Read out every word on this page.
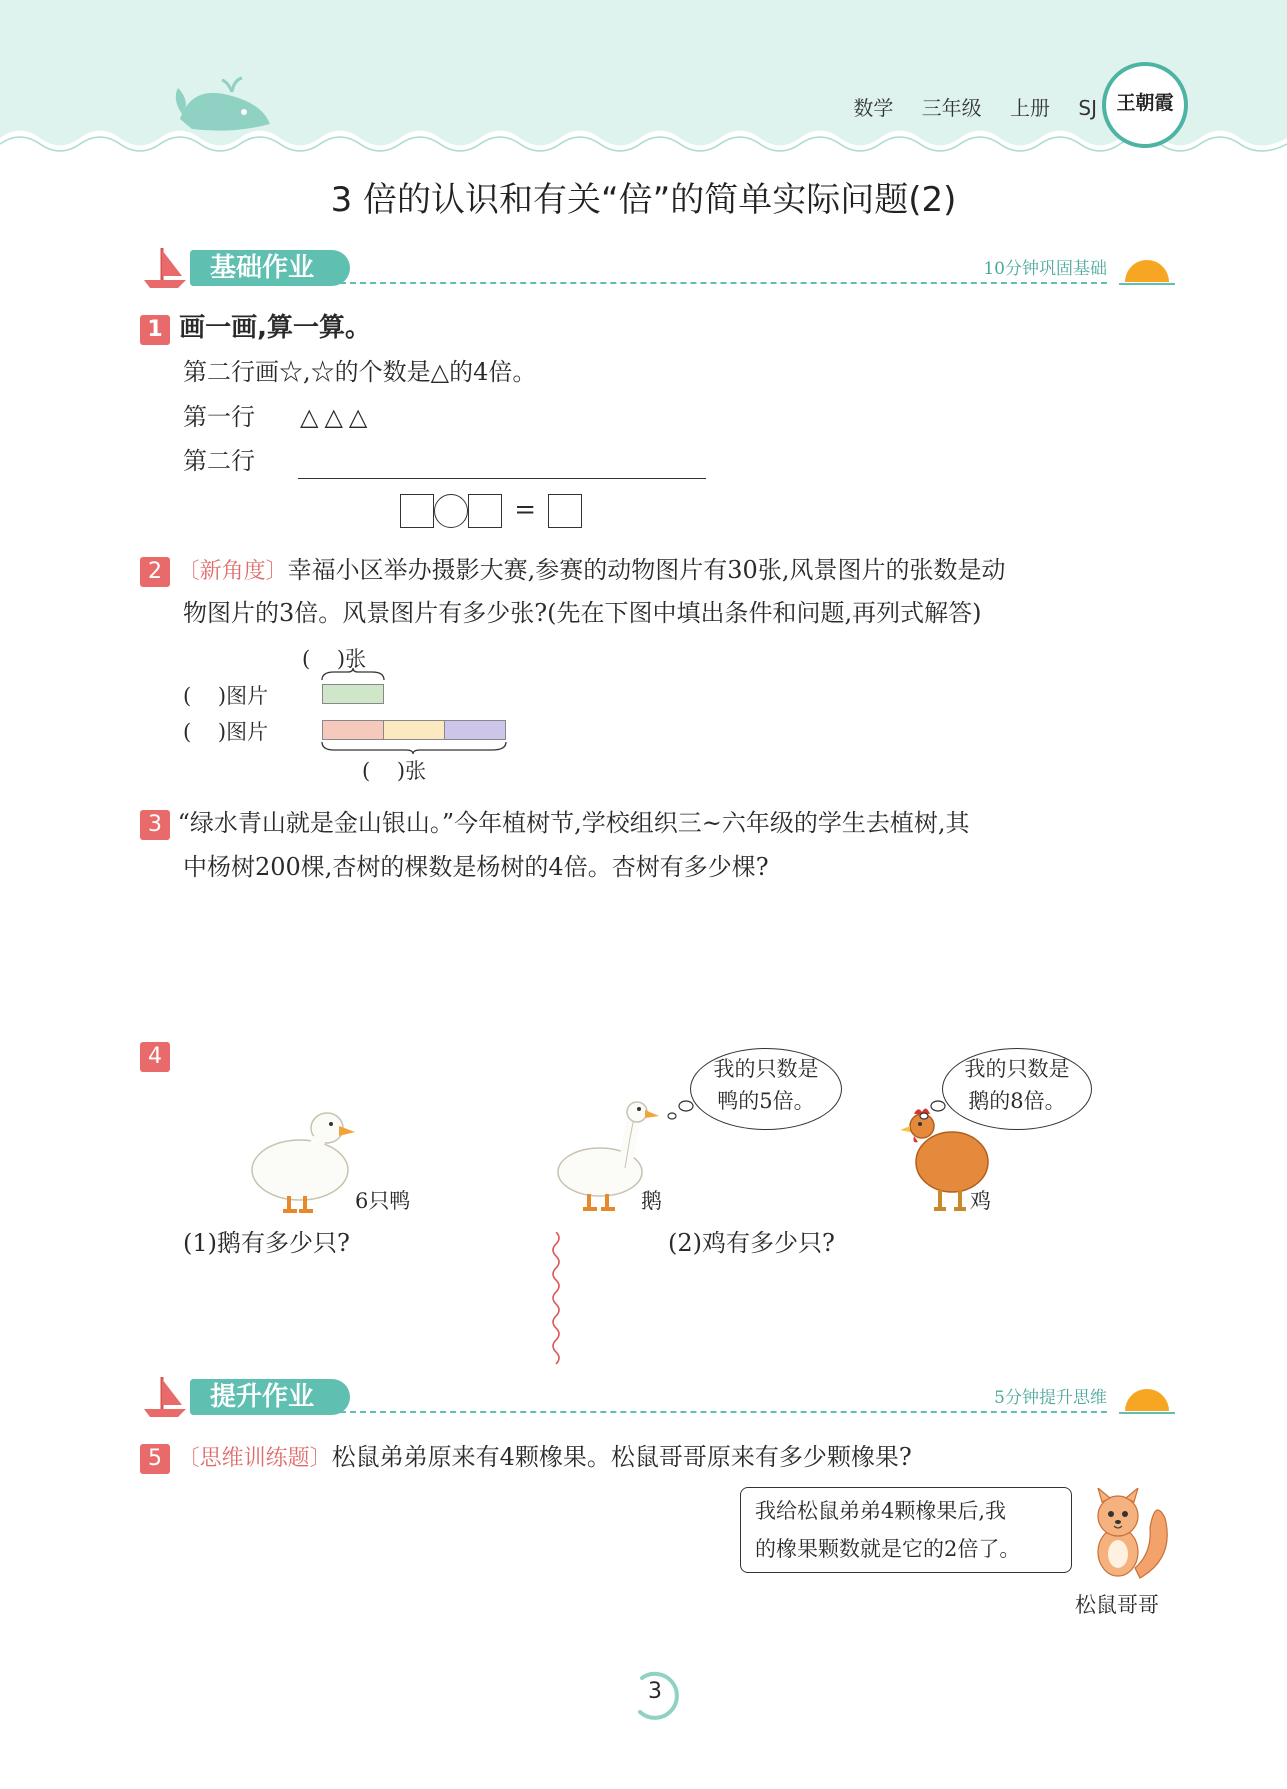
数学 三年级 上册 SJ	王朝霞
3 倍的认识和有关“倍”的简单实际问题(2)
基础作业	10分钟巩固基础
1 画一画,算一算。
第二行画☆,☆的个数是△的4倍。
第一行 △△△
第二行
=
2 〔新角度〕幸福小区举办摄影大赛,参赛的动物图片有30张,风景图片的张数是动
物图片的3倍。风景图片有多少张?(先在下图中填出条件和问题,再列式解答)
(    )张
(    )图片
(    )图片
(    )张
3 “绿水青山就是金山银山。”今年植树节,学校组织三~六年级的学生去植树,其
中杨树200棵,杏树的棵数是杨树的4倍。杏树有多少棵?
4
6只鸭	鹅
我的只数是
鸭的5倍。
鸡
我的只数是
鹅的8倍。
(1)鹅有多少只?	(2)鸡有多少只?
提升作业	5分钟提升思维
5 〔思维训练题〕松鼠弟弟原来有4颗橡果。松鼠哥哥原来有多少颗橡果?
我给松鼠弟弟4颗橡果后,我
的橡果颗数就是它的2倍了。
松鼠哥哥
3
